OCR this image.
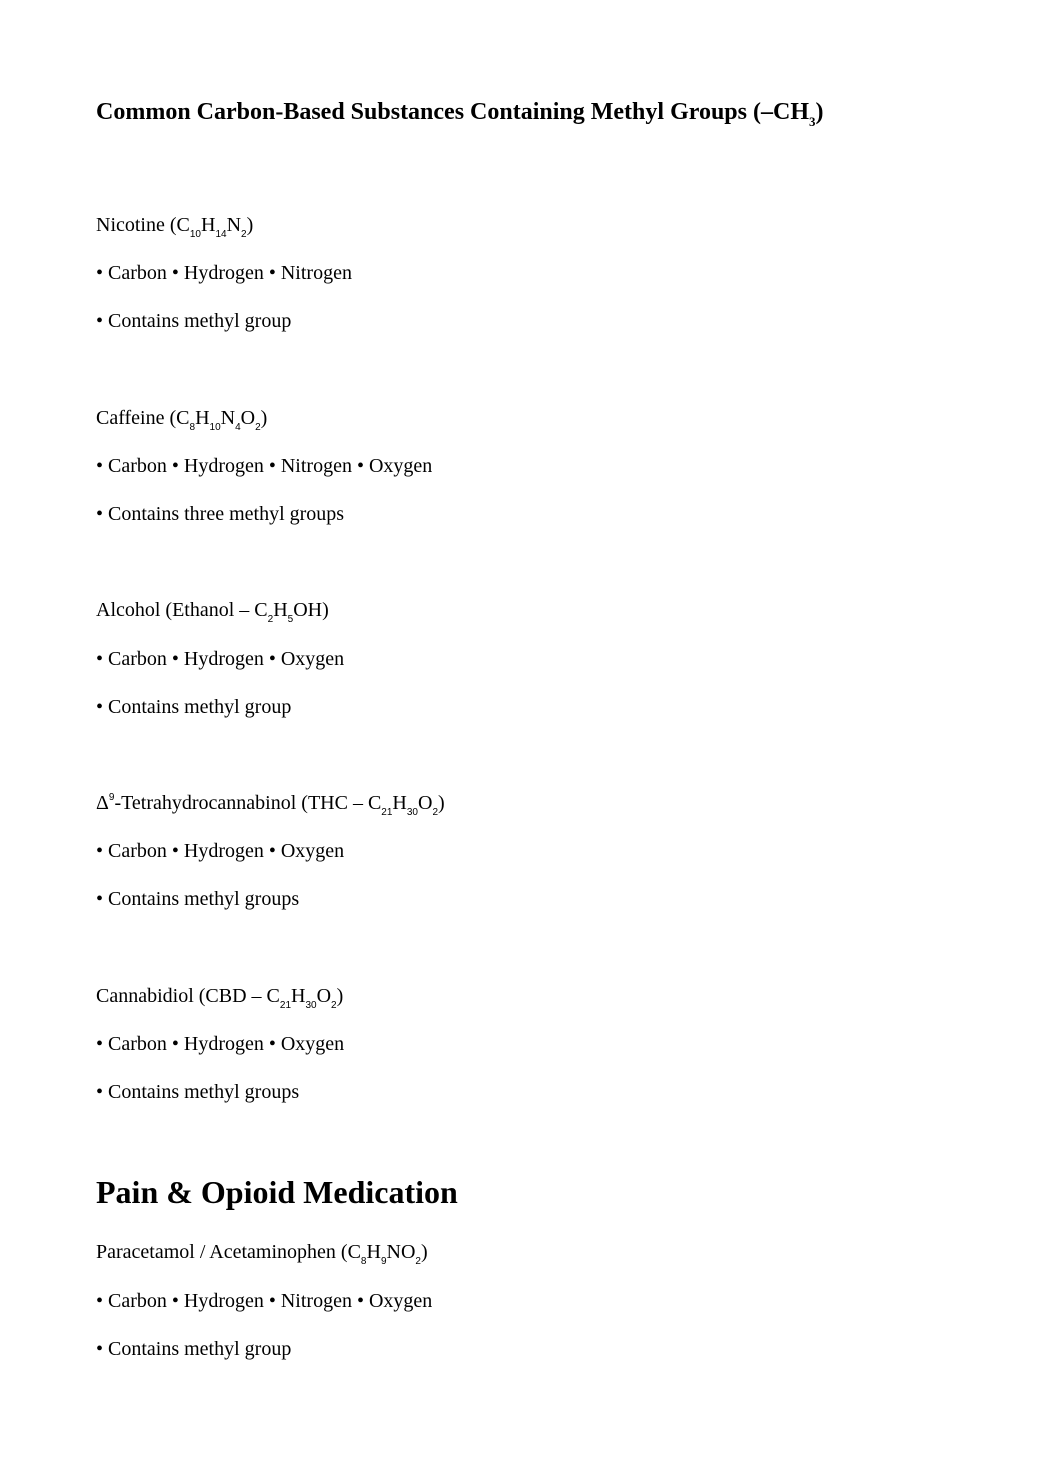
Common Carbon-Based Substances Containing Methyl Groups $(-CH_3)$
Nicotine $(C_{10}H_{14}N_2)$
• Carbon • Hydrogen • Nitrogen
• Contains methyl group
Caffeine $(C_8H_{10}N_4O_2)$
• Carbon • Hydrogen • Nitrogen • Oxygen
• Contains three methyl groups
Alcohol (Ethanol – $C_2H_5OH$)
• Carbon • Hydrogen • Oxygen
• Contains methyl group
$\Delta^9$-Tetrahydrocannabinol $(THC - C_{21}H_{30}O_2)$
• Carbon • Hydrogen • Oxygen
• Contains methyl groups
Cannabidiol $(CBD - C_{21}H_{30}O_2)$
• Carbon • Hydrogen • Oxygen
• Contains methyl groups
Pain & Opioid Medication
Paracetamol / Acetaminophen $(C_8H_9NO_2)$
• Carbon • Hydrogen • Nitrogen • Oxygen
• Contains methyl group
